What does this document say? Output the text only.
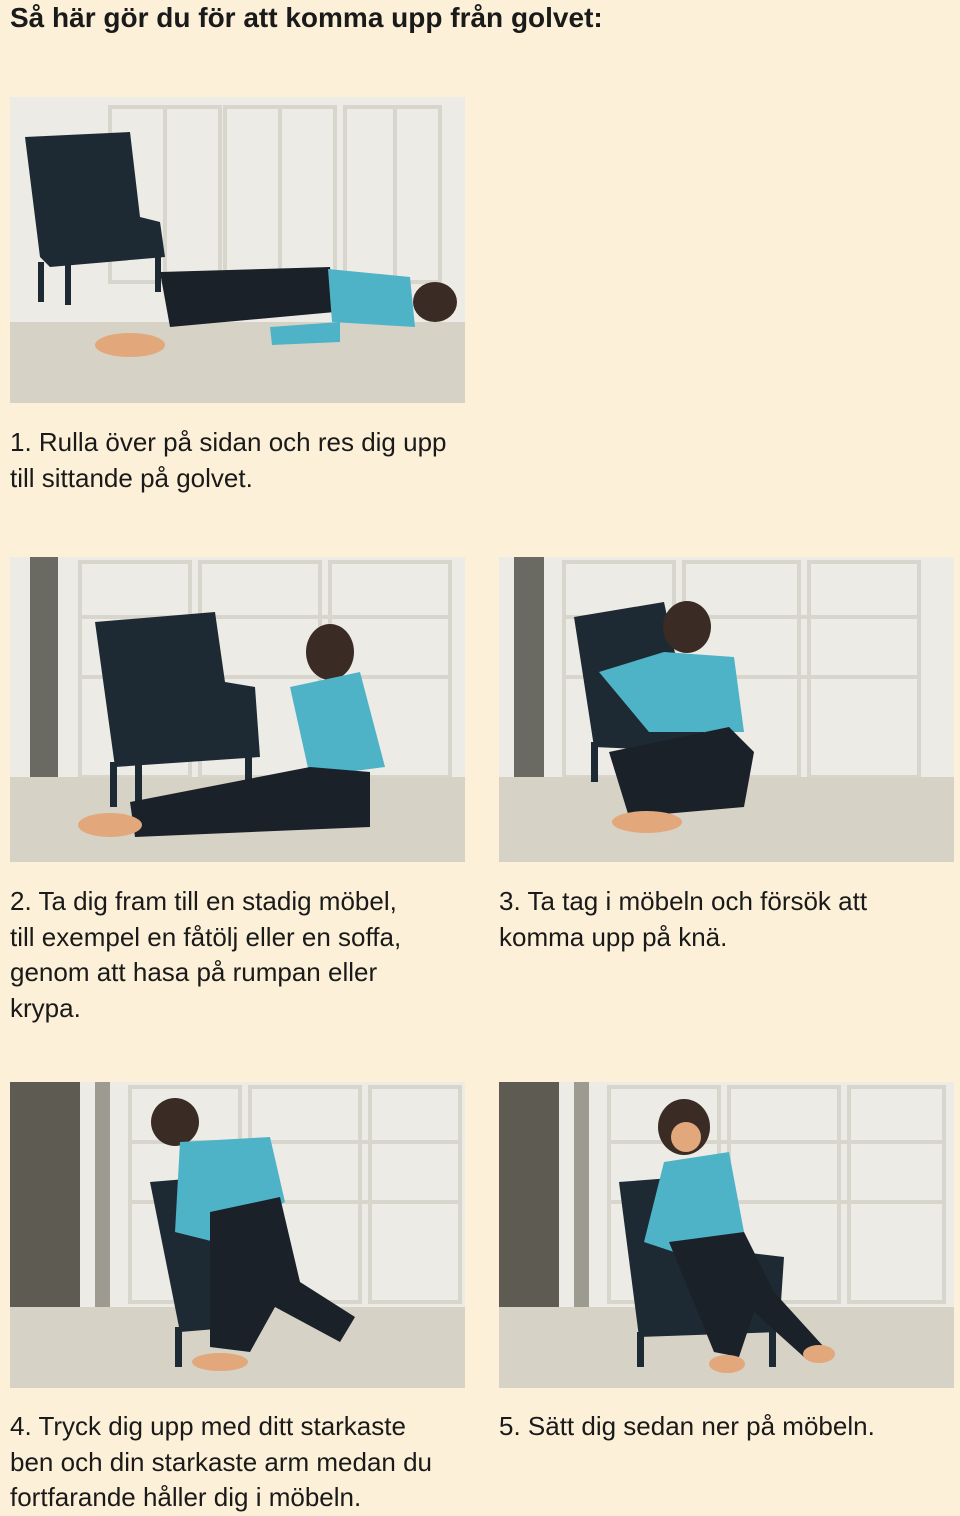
Så här gör du för att komma upp från golvet:
1. Rulla över på sidan och res dig upp
till sittande på golvet.
2. Ta dig fram till en stadig möbel,
till exempel en fåtölj eller en soffa,
genom att hasa på rumpan eller
krypa.
3. Ta tag i möbeln och försök att
komma upp på knä.
4. Tryck dig upp med ditt starkaste
ben och din starkaste arm medan du
fortfarande håller dig i möbeln.
5. Sätt dig sedan ner på möbeln.
